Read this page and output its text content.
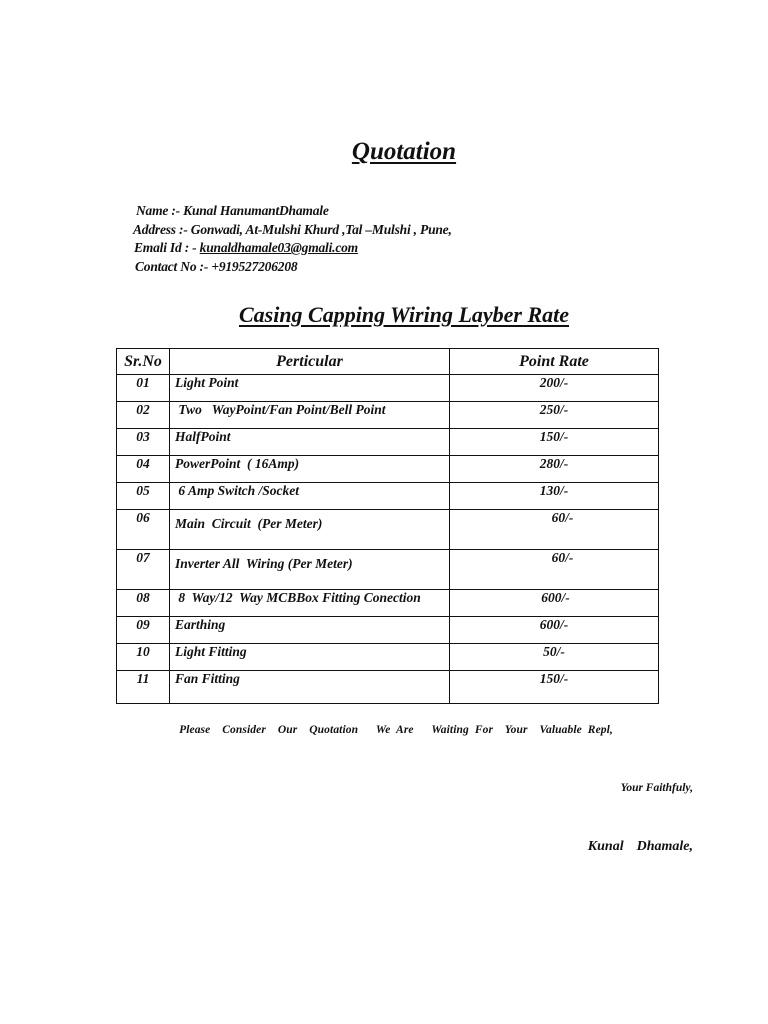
Quotation
Name :- Kunal HanumantDhamale
Address :- Gonwadi, At-Mulshi Khurd ,Tal –Mulshi , Pune,
Emali Id : - kunaldhamale03@gmali.com
Contact No :- +919527206208
Casing Capping Wiring Layber Rate
Sr.No	Perticular	Point Rate
01	Light Point	200/-
02	Two   WayPoint/Fan Point/Bell Point	250/-
03	HalfPoint	150/-
04	PowerPoint  ( 16Amp)	280/-
05	6 Amp Switch /Socket	130/-
06	Main  Circuit  (Per Meter)	60/-
07	Inverter All  Wiring (Per Meter)	60/-
08	8  Way/12  Way MCBBox Fitting Conection	600/-
09	Earthing	600/-
10	Light Fitting	50/-
11	Fan Fitting	150/-
Please  Consider  Our  Quotation   We Are   Waiting For  Your  Valuable Repl,
Your Faithfuly,
Kunal  Dhamale,
